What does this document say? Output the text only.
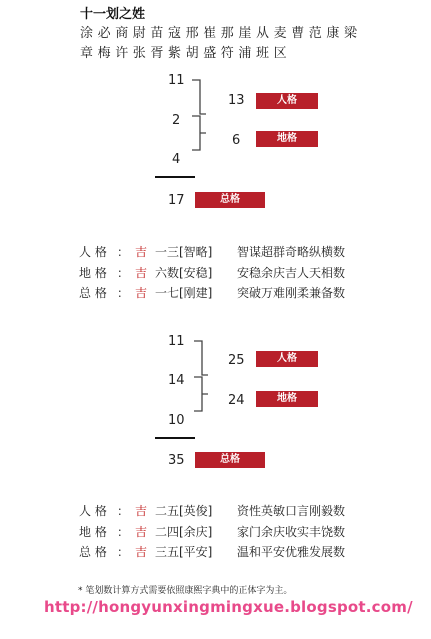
十一划之姓
涂必商尉苗寇邢崔那崖从麦曹范康梁
章梅许张胥紫胡盛符浦班区
11
2
4
13	人格
6	地格
17	总格
人 格 ： 吉 一三[智略] 智谋超群奇略纵横数
地 格 ： 吉 六数[安稳] 安稳余庆吉人天相数
总 格 ： 吉 一七[刚建] 突破万难刚柔兼备数
11
14
10
25	人格
24	地格
35	总格
人 格 ： 吉 二五[英俊] 资性英敏口言刚毅数
地 格 ： 吉 二四[余庆] 家门余庆收实丰饶数
总 格 ： 吉 三五[平安] 温和平安优雅发展数
* 笔划数计算方式需要依照康熙字典中的正体字为主。
http://hongyunxingmingxue.blogspot.com/
